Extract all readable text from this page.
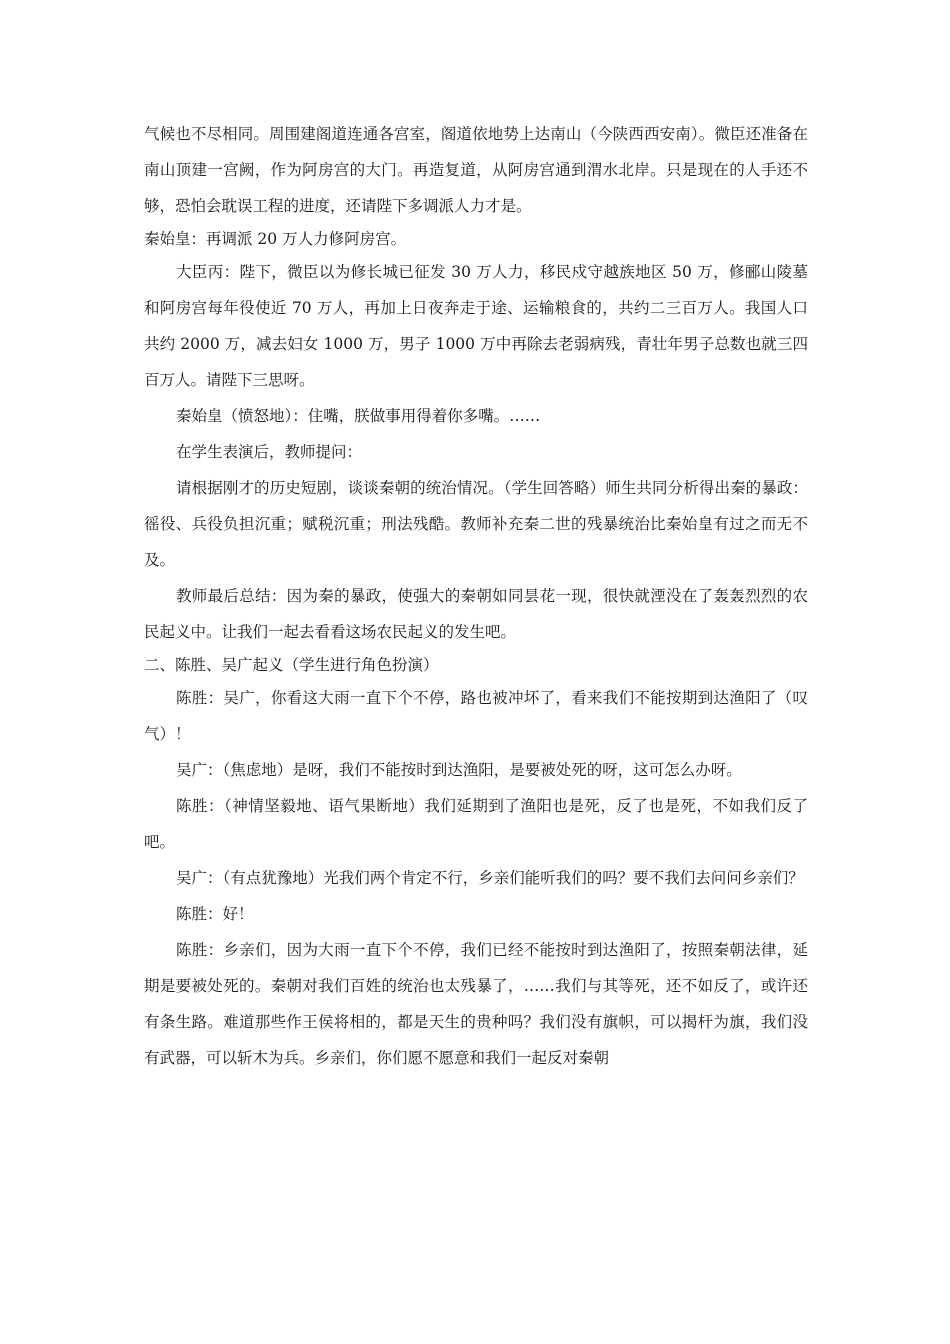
气候也不尽相同。周围建阁道连通各宫室，阁道依地势上达南山（今陕西西安南）。微臣还准备在南山顶建一宫阙，作为阿房宫的大门。再造复道，从阿房宫通到渭水北岸。只是现在的人手还不够，恐怕会耽误工程的进度，还请陛下多调派人力才是。

秦始皇：再调派 20 万人力修阿房宫。

大臣丙：陛下，微臣以为修长城已征发 30 万人力，移民戍守越族地区 50 万，修郦山陵墓和阿房宫每年役使近 70 万人，再加上日夜奔走于途、运输粮食的，共约二三百万人。我国人口共约 2000 万，减去妇女 1000 万，男子 1000 万中再除去老弱病残，青壮年男子总数也就三四百万人。请陛下三思呀。

秦始皇（愤怒地）：住嘴，朕做事用得着你多嘴。……

在学生表演后，教师提问：

请根据刚才的历史短剧，谈谈秦朝的统治情况。（学生回答略）师生共同分析得出秦的暴政：徭役、兵役负担沉重；赋税沉重；刑法残酷。教师补充秦二世的残暴统治比秦始皇有过之而无不及。

教师最后总结：因为秦的暴政，使强大的秦朝如同昙花一现，很快就湮没在了轰轰烈烈的农民起义中。让我们一起去看看这场农民起义的发生吧。

二、陈胜、吴广起义（学生进行角色扮演）

陈胜：吴广，你看这大雨一直下个不停，路也被冲坏了，看来我们不能按期到达渔阳了（叹气）！

吴广：（焦虑地）是呀，我们不能按时到达渔阳，是要被处死的呀，这可怎么办呀。

陈胜：（神情坚毅地、语气果断地）我们延期到了渔阳也是死，反了也是死，不如我们反了吧。

吴广：（有点犹豫地）光我们两个肯定不行，乡亲们能听我们的吗？要不我们去问问乡亲们？

陈胜：好！

陈胜：乡亲们，因为大雨一直下个不停，我们已经不能按时到达渔阳了，按照秦朝法律，延期是要被处死的。秦朝对我们百姓的统治也太残暴了，……我们与其等死，还不如反了，或许还有条生路。难道那些作王侯将相的，都是天生的贵种吗？我们没有旗帜，可以揭杆为旗，我们没有武器，可以斩木为兵。乡亲们，你们愿不愿意和我们一起反对秦朝
